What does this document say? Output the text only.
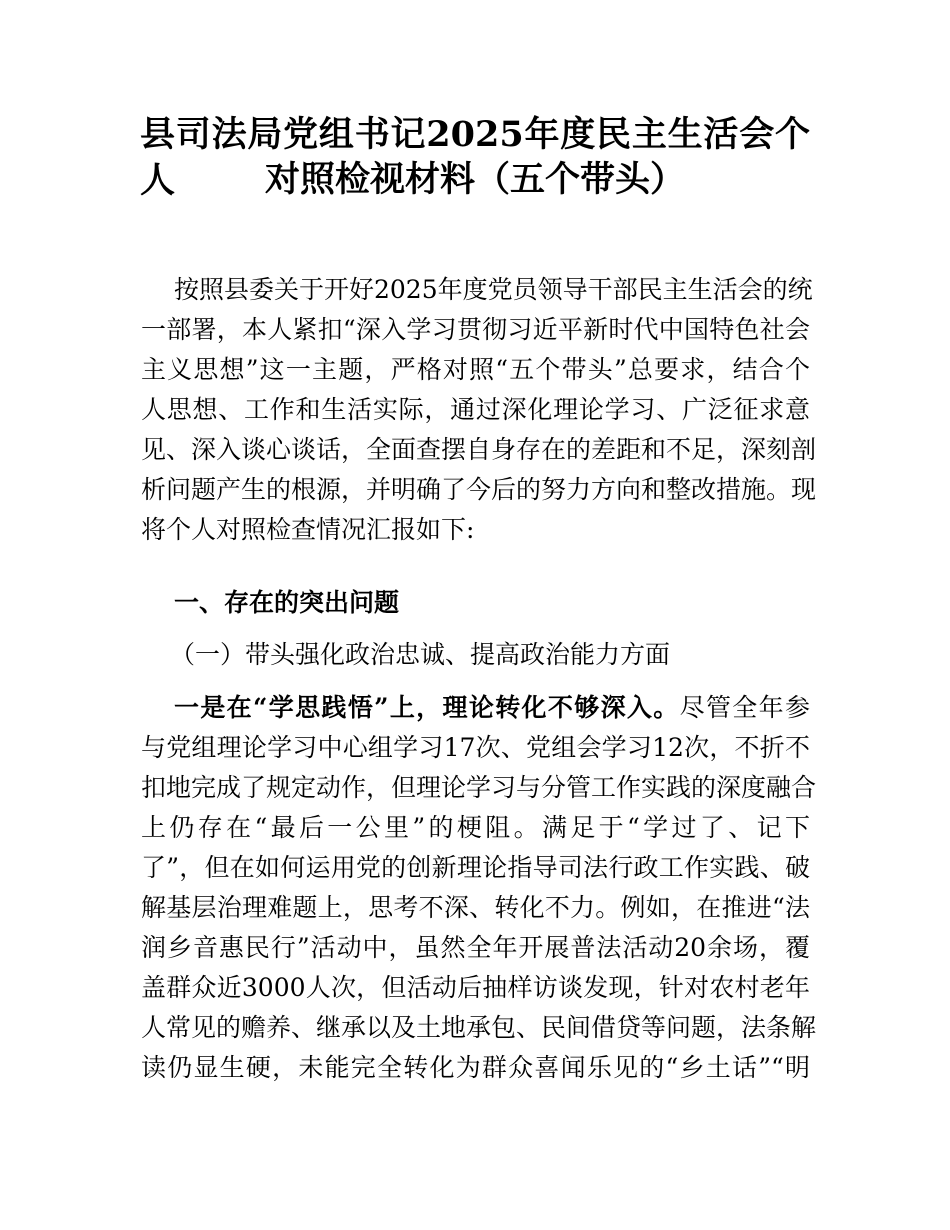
县司法局党组书记2025年度民主生活会个人	对照检视材料（五个带头）
按照县委关于开好2025年度党员领导干部民主生活会的统
一部署，本人紧扣“深入学习贯彻习近平新时代中国特色社会
主义思想”这一主题，严格对照“五个带头”总要求，结合个
人思想、工作和生活实际，通过深化理论学习、广泛征求意
见、深入谈心谈话，全面查摆自身存在的差距和不足，深刻剖
析问题产生的根源，并明确了今后的努力方向和整改措施。现
将个人对照检查情况汇报如下:
一、存在的突出问题
（一）带头强化政治忠诚、提高政治能力方面
一是在“学思践悟”上，理论转化不够深入。尽管全年参
与党组理论学习中心组学习17次、党组会学习12次，不折不
扣地完成了规定动作，但理论学习与分管工作实践的深度融合
上仍存在“最后一公里”的梗阻。满足于“学过了、记下
了”，但在如何运用党的创新理论指导司法行政工作实践、破
解基层治理难题上，思考不深、转化不力。例如，在推进“法
润乡音惠民行”活动中，虽然全年开展普法活动20余场，覆
盖群众近3000人次，但活动后抽样访谈发现，针对农村老年
人常见的赡养、继承以及土地承包、民间借贷等问题，法条解
读仍显生硬，未能完全转化为群众喜闻乐见的“乡土话”“明
